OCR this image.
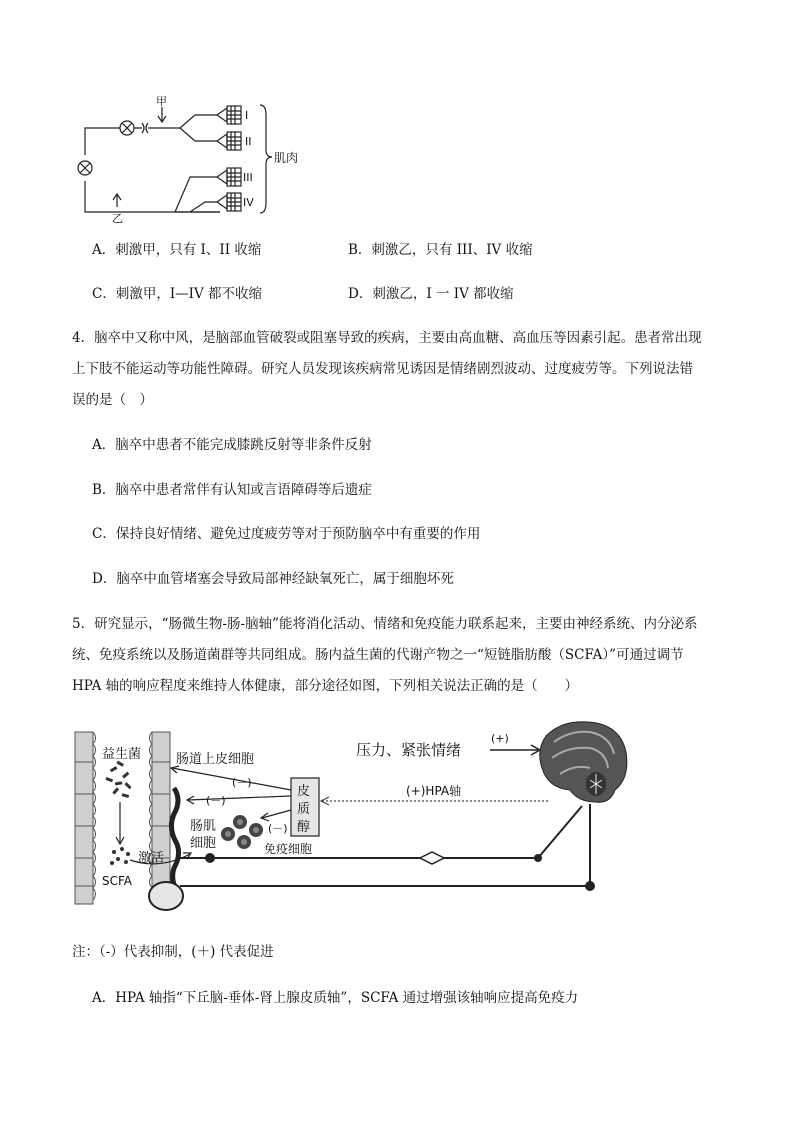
甲
乙
I
II
III
IV
肌肉
A．刺激甲，只有 I、II 收缩	B．刺激乙，只有 III、IV 收缩
C．刺激甲，I—IV 都不收缩	D．刺激乙，I 一 IV 都收缩
4．脑卒中又称中风，是脑部血管破裂或阻塞导致的疾病，主要由高血糖、高血压等因素引起。患者常出现
上下肢不能运动等功能性障碍。研究人员发现该疾病常见诱因是情绪剧烈波动、过度疲劳等。下列说法错
误的是（　）
A．脑卒中患者不能完成膝跳反射等非条件反射
B．脑卒中患者常伴有认知或言语障碍等后遗症
C．保持良好情绪、避免过度疲劳等对于预防脑卒中有重要的作用
D．脑卒中血管堵塞会导致局部神经缺氧死亡，属于细胞坏死
5．研究显示，“肠微生物-肠-脑轴”能将消化活动、情绪和免疫能力联系起来，主要由神经系统、内分泌系
统、免疫系统以及肠道菌群等共同组成。肠内益生菌的代谢产物之一“短链脂肪酸（SCFA）”可通过调节
HPA 轴的响应程度来维持人体健康，部分途径如图，下列相关说法正确的是（　　）
益生菌
SCFA
激活
肠道上皮细胞
肠肌
细胞	免疫细胞
皮
质
醇
(－)
(－)
(－)
(+)HPA轴
压力、紧张情绪
(+)
注：（-）代表抑制，(＋) 代表促进
A．HPA 轴指“下丘脑-垂体-肾上腺皮质轴”，SCFA 通过增强该轴响应提高免疫力
